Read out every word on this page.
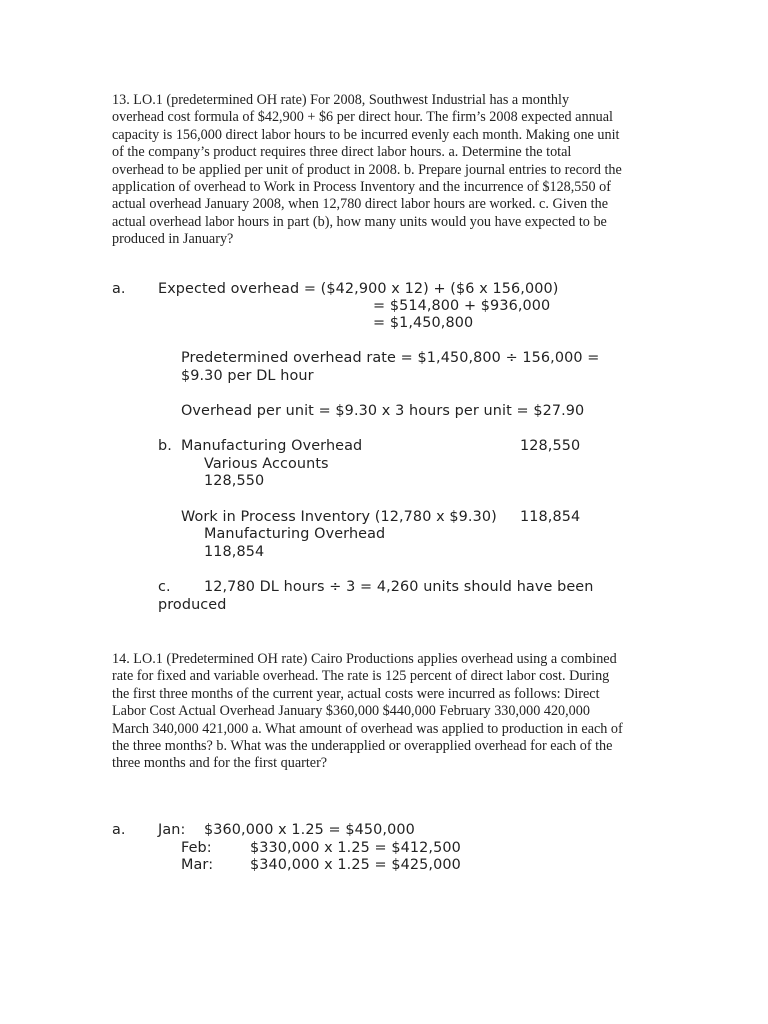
13. LO.1 (predetermined OH rate) For 2008, Southwest Industrial has a monthly

overhead cost formula of $42,900 + $6 per direct hour. The firm’s 2008 expected annual

capacity is 156,000 direct labor hours to be incurred evenly each month. Making one unit

of the company’s product requires three direct labor hours. a. Determine the total

overhead to be applied per unit of product in 2008. b. Prepare journal entries to record the

application of overhead to Work in Process Inventory and the incurrence of $128,550 of

actual overhead January 2008, when 12,780 direct labor hours are worked. c. Given the

actual overhead labor hours in part (b), how many units would you have expected to be

produced in January?

a. Expected overhead = ($42,900 x 12) + ($6 x 156,000)
= $514,800 + $936,000
= $1,450,800
Predetermined overhead rate = $1,450,800 ÷ 156,000 =
$9.30 per DL hour
Overhead per unit = $9.30 x 3 hours per unit = $27.90
b. Manufacturing Overhead	128,550
Various Accounts
128,550
Work in Process Inventory (12,780 x $9.30) 118,854
Manufacturing Overhead
118,854
c. 12,780 DL hours ÷ 3 = 4,260 units should have been
produced

14. LO.1 (Predetermined OH rate) Cairo Productions applies overhead using a combined

rate for fixed and variable overhead. The rate is 125 percent of direct labor cost. During

the first three months of the current year, actual costs were incurred as follows: Direct

Labor Cost Actual Overhead January $360,000 $440,000 February 330,000 420,000

March 340,000 421,000 a. What amount of overhead was applied to production in each of

the three months? b. What was the underapplied or overapplied overhead for each of the

three months and for the first quarter?

a. Jan: $360,000 x 1.25 = $450,000
Feb:	$330,000 x 1.25 = $412,500
Mar:	$340,000 x 1.25 = $425,000
